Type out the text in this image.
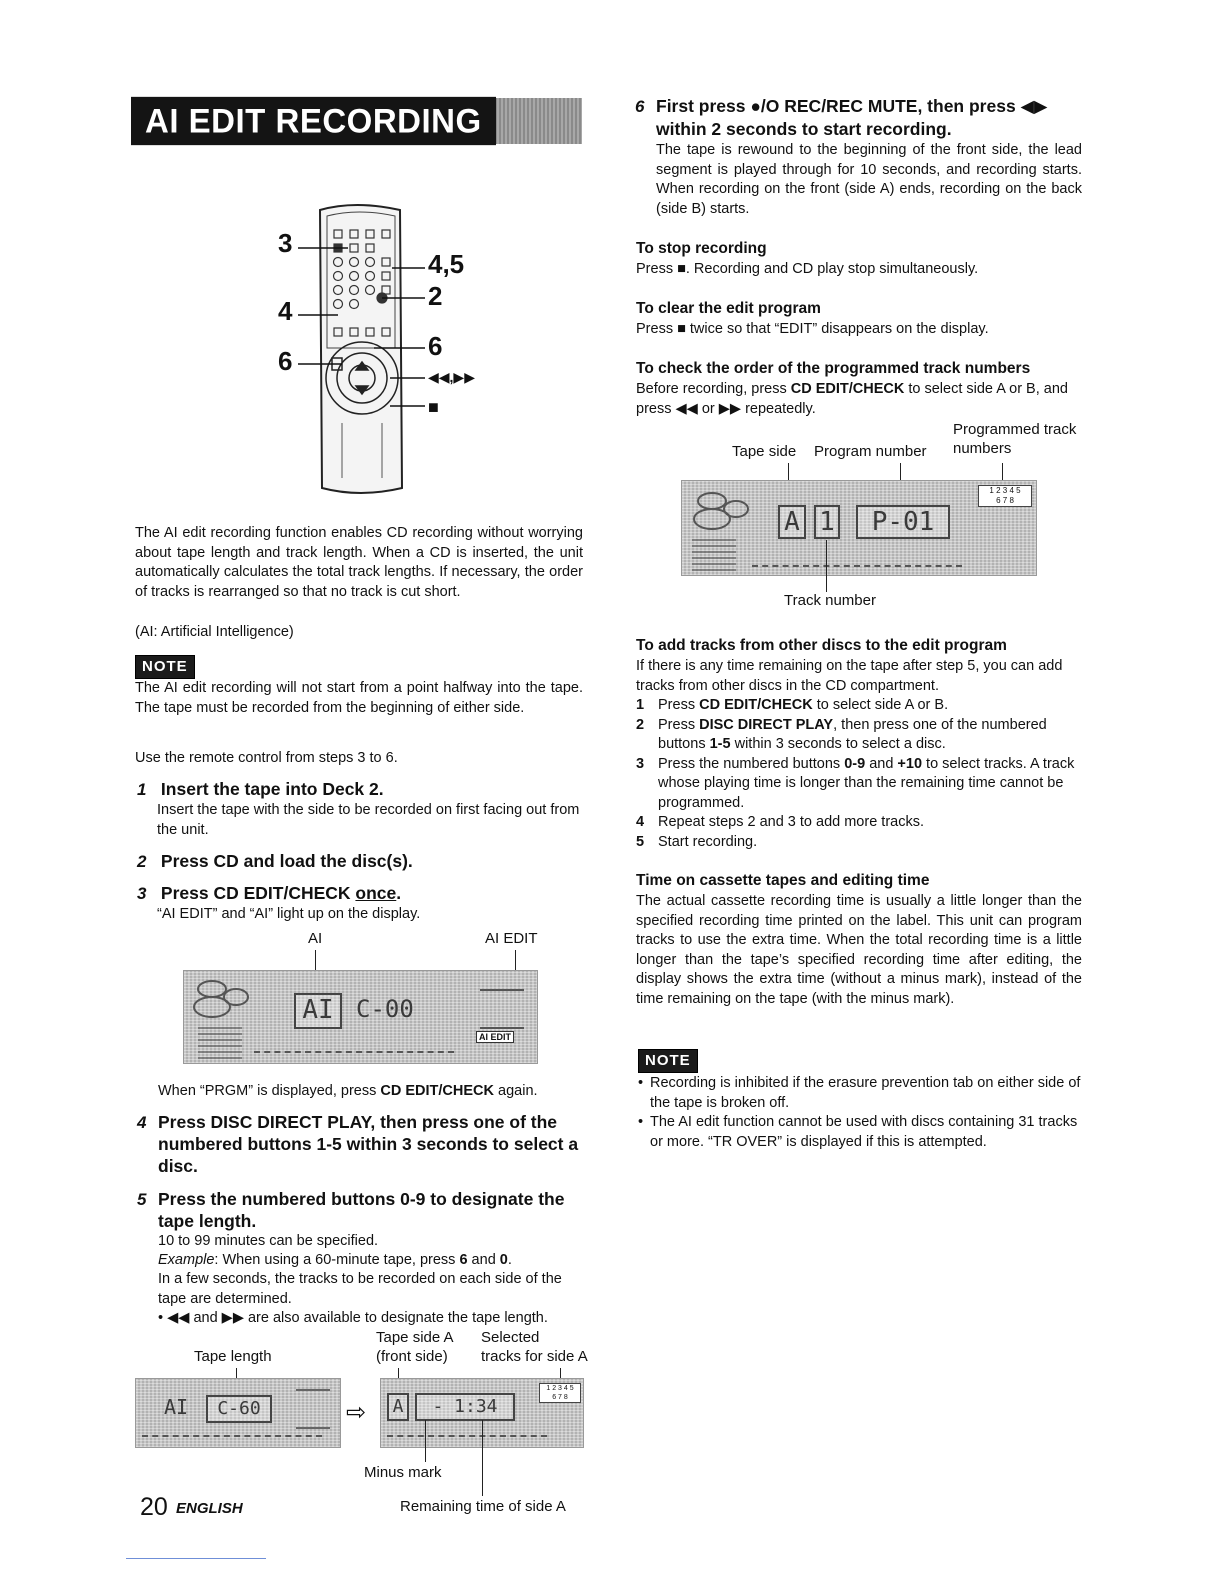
AI EDIT RECORDING
3
4
6
4,5
2
6
◀◀,▶▶
■
The AI edit recording function enables CD recording without worrying about tape length and track length. When a CD is inserted, the unit automatically calculates the total track lengths. If necessary, the order of tracks is rearranged so that no track is cut short.
(AI: Artificial Intelligence)
NOTE
The AI edit recording will not start from a point halfway into the tape. The tape must be recorded from the beginning of either side.
Use the remote control from steps 3 to 6.
1 Insert the tape into Deck 2.
Insert the tape with the side to be recorded on first facing out from the unit.
2 Press CD and load the disc(s).
3 Press CD EDIT/CHECK once.
“AI EDIT” and “AI” light up on the display.
AI	AI EDIT
AI C-00
AI EDIT
When “PRGM” is displayed, press CD EDIT/CHECK again.
4 Press DISC DIRECT PLAY, then press one of the numbered buttons 1-5 within 3 seconds to select a disc.
5 Press the numbered buttons 0-9 to designate the tape length.
10 to 99 minutes can be specified.
Example: When using a 60-minute tape, press 6 and 0.
In a few seconds, the tracks to be recorded on each side of the tape are determined.
• ◀◀ and ▶▶ are also available to designate the tape length.
Tape side A
(front side)
Selected
tracks for side A
Tape length
AI	C-60	⇨	A	- 1:34
1 2 3 4 5
6 7 8
Minus mark
Remaining time of side A
20 ENGLISH
6 First press ●/O REC/REC MUTE, then press ◀▶
within 2 seconds to start recording.
The tape is rewound to the beginning of the front side, the lead segment is played through for 10 seconds, and recording starts. When recording on the front (side A) ends, recording on the back (side B) starts.
To stop recording
Press ■. Recording and CD play stop simultaneously.
To clear the edit program
Press ■ twice so that “EDIT” disappears on the display.
To check the order of the programmed track numbers
Before recording, press CD EDIT/CHECK to select side A or B, and press ◀◀ or ▶▶ repeatedly.
Programmed track
numbers
Tape side Program number
A 1	P-01
1 2 3 4 5
6 7 8
Track number
To add tracks from other discs to the edit program
If there is any time remaining on the tape after step 5, you can add tracks from other discs in the CD compartment.
1 Press CD EDIT/CHECK to select side A or B.
2 Press DISC DIRECT PLAY, then press one of the numbered buttons 1-5 within 3 seconds to select a disc.
3 Press the numbered buttons 0-9 and +10 to select tracks. A track whose playing time is longer than the remaining time cannot be programmed.
4 Repeat steps 2 and 3 to add more tracks.
5 Start recording.
Time on cassette tapes and editing time
The actual cassette recording time is usually a little longer than the specified recording time printed on the label. This unit can program tracks to use the extra time. When the total recording time is a little longer than the tape’s specified recording time after editing, the display shows the extra time (without a minus mark), instead of the time remaining on the tape (with the minus mark).
NOTE
• Recording is inhibited if the erasure prevention tab on either side of the tape is broken off.
• The AI edit function cannot be used with discs containing 31 tracks or more. “TR OVER” is displayed if this is attempted.
